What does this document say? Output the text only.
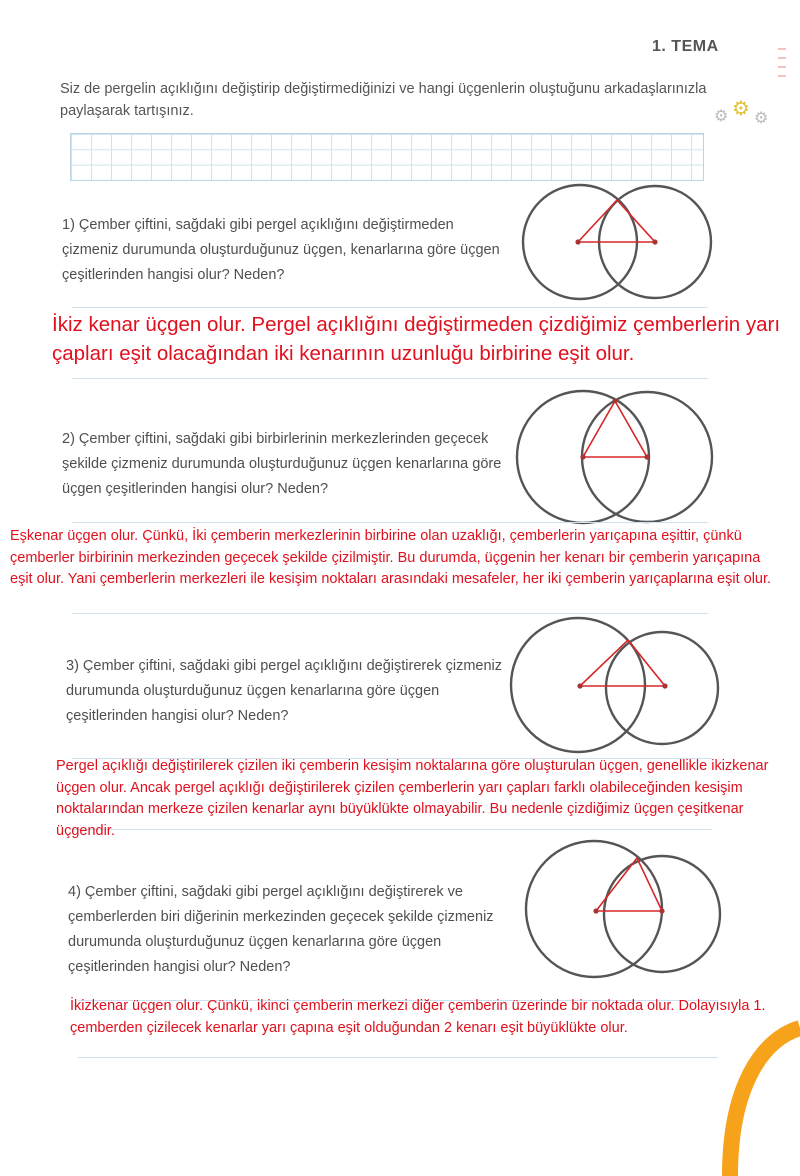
1. TEMA
⚙ ⚙ ⚙
Siz de pergelin açıklığını değiştirip değiştirmediğinizi ve hangi üçgenlerin oluştuğunu arkadaşlarınızla paylaşarak tartışınız.
1) Çember çiftini, sağdaki gibi pergel açıklığını değiştirmeden çizmeniz durumunda oluşturduğunuz üçgen, kenarlarına göre üçgen çeşitlerinden hangisi olur? Neden?
İkiz kenar üçgen olur. Pergel açıklığını değiştirmeden çizdiğimiz çemberlerin yarı çapları eşit olacağından iki kenarının uzunluğu birbirine eşit olur.
2) Çember çiftini, sağdaki gibi birbirlerinin merkezlerinden geçecek şekilde çizmeniz durumunda oluşturduğunuz üçgen kenarlarına göre üçgen çeşitlerinden hangisi olur? Neden?
Eşkenar üçgen olur. Çünkü, İki çemberin merkezlerinin birbirine olan uzaklığı, çemberlerin yarıçapına eşittir, çünkü çemberler birbirinin merkezinden geçecek şekilde çizilmiştir. Bu durumda, üçgenin her kenarı bir çemberin yarıçapına eşit olur. Yani çemberlerin merkezleri ile kesişim noktaları arasındaki mesafeler, her iki çemberin yarıçaplarına eşit olur.
3) Çember çiftini, sağdaki gibi pergel açıklığını değiştirerek çizmeniz durumunda oluşturduğunuz üçgen kenarlarına göre üçgen çeşitlerinden hangisi olur? Neden?
Pergel açıklığı değiştirilerek çizilen iki çemberin kesişim noktalarına göre oluşturulan üçgen, genellikle ikizkenar üçgen olur. Ancak pergel açıklığı değiştirilerek çizilen çemberlerin yarı çapları farklı olabileceğinden kesişim noktalarından merkeze çizilen kenarlar aynı büyüklükte olmayabilir. Bu nedenle çizdiğimiz üçgen çeşitkenar üçgendir.
4) Çember çiftini, sağdaki gibi pergel açıklığını değiştirerek ve çemberlerden biri diğerinin merkezinden geçecek şekilde çizmeniz durumunda oluşturduğunuz üçgen kenarlarına göre üçgen çeşitlerinden hangisi olur? Neden?
İkizkenar üçgen olur. Çünkü, ikinci çemberin merkezi diğer çemberin üzerinde bir noktada olur. Dolayısıyla 1. çemberden çizilecek kenarlar yarı çapına eşit olduğundan 2 kenarı eşit büyüklükte olur.
